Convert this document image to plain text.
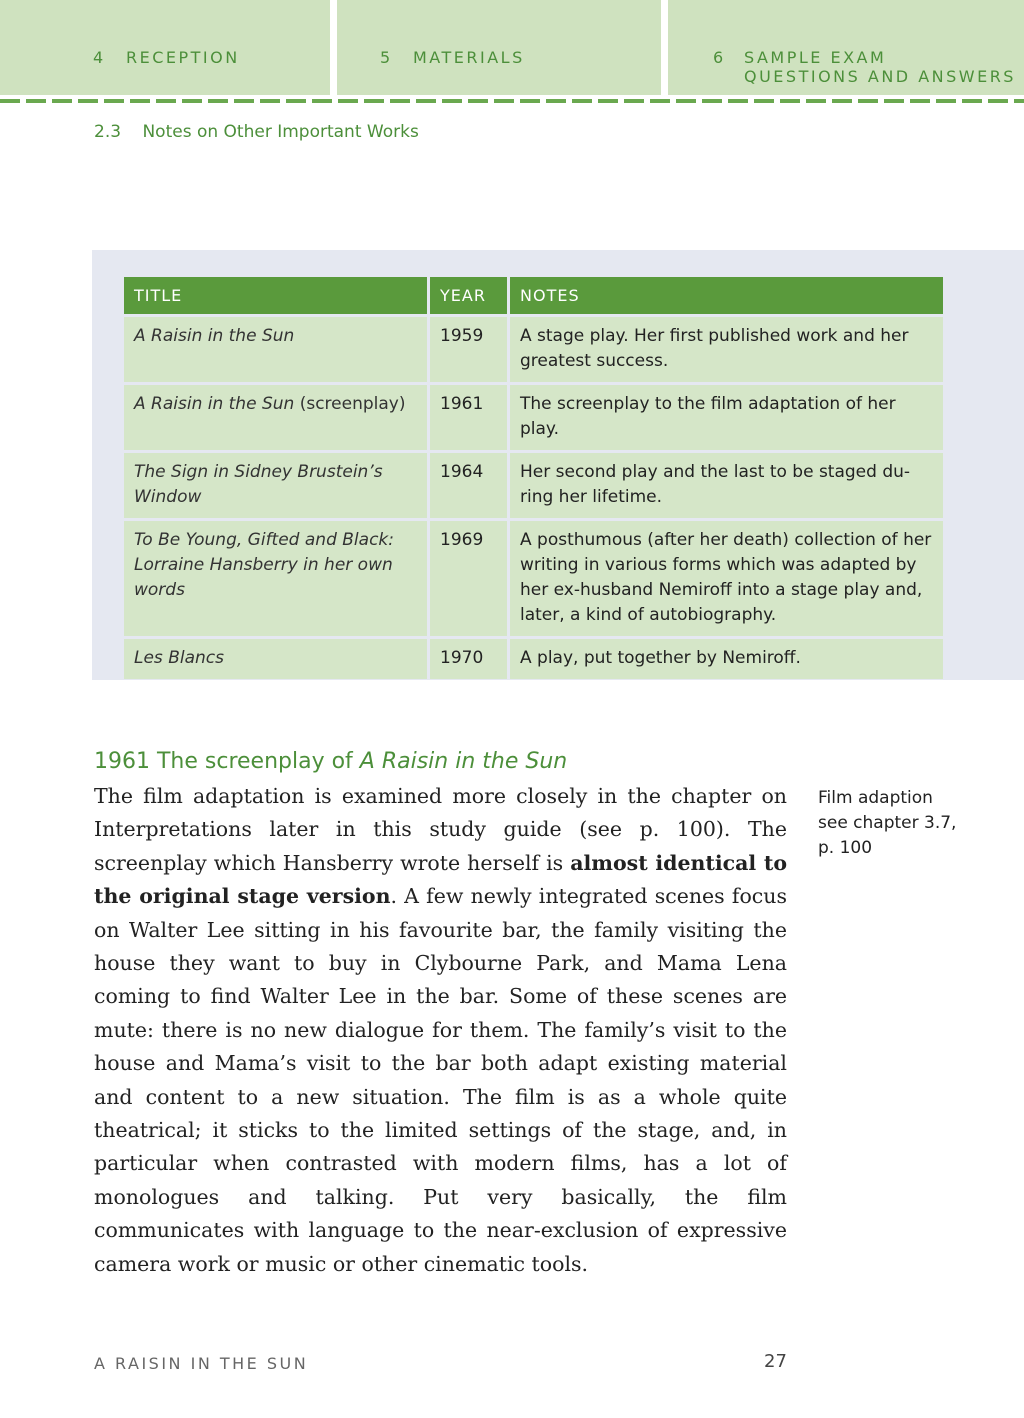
4 RECEPTION	5 MATERIALS	6 SAMPLE EXAM
QUESTIONS AND ANSWERS
2.3 Notes on Other Important Works
TITLE	YEAR	NOTES
A Raisin in the Sun	1959	A stage play. Her first published work and her greatest success.
A Raisin in the Sun (screenplay)	1961	The screenplay to the film adaptation of her play.
The Sign in Sidney Brustein’s Window	1964	Her second play and the last to be staged du-ring her lifetime.
To Be Young, Gifted and Black: Lorraine Hansberry in her own words	1969	A posthumous (after her death) collection of her writing in various forms which was adapted by her ex-husband Nemiroff into a stage play and, later, a kind of autobiography.
Les Blancs	1970	A play, put together by Nemiroff.
1961 The screenplay of A Raisin in the Sun

The film adaptation is examined more closely in the chapter on Interpretations later in this study guide (see p. 100). The screenplay which Hansberry wrote herself is almost identical to the original stage version. A few newly integrated scenes focus on Walter Lee sitting in his favourite bar, the family visiting the house they want to buy in Clybourne Park, and Mama Lena coming to find Walter Lee in the bar. Some of these scenes are mute: there is no new dialogue for them. The family’s visit to the house and Mama’s visit to the bar both adapt existing material and content to a new situation. The film is as a whole quite theatrical; it sticks to the limited settings of the stage, and, in particular when contrasted with modern films, has a lot of monologues and talking. Put very basically, the film communicates with language to the near-exclusion of expressive camera work or music or other cinematic tools.

Film adaption
see chapter 3.7,
p. 100
A RAISIN IN THE SUN	27
